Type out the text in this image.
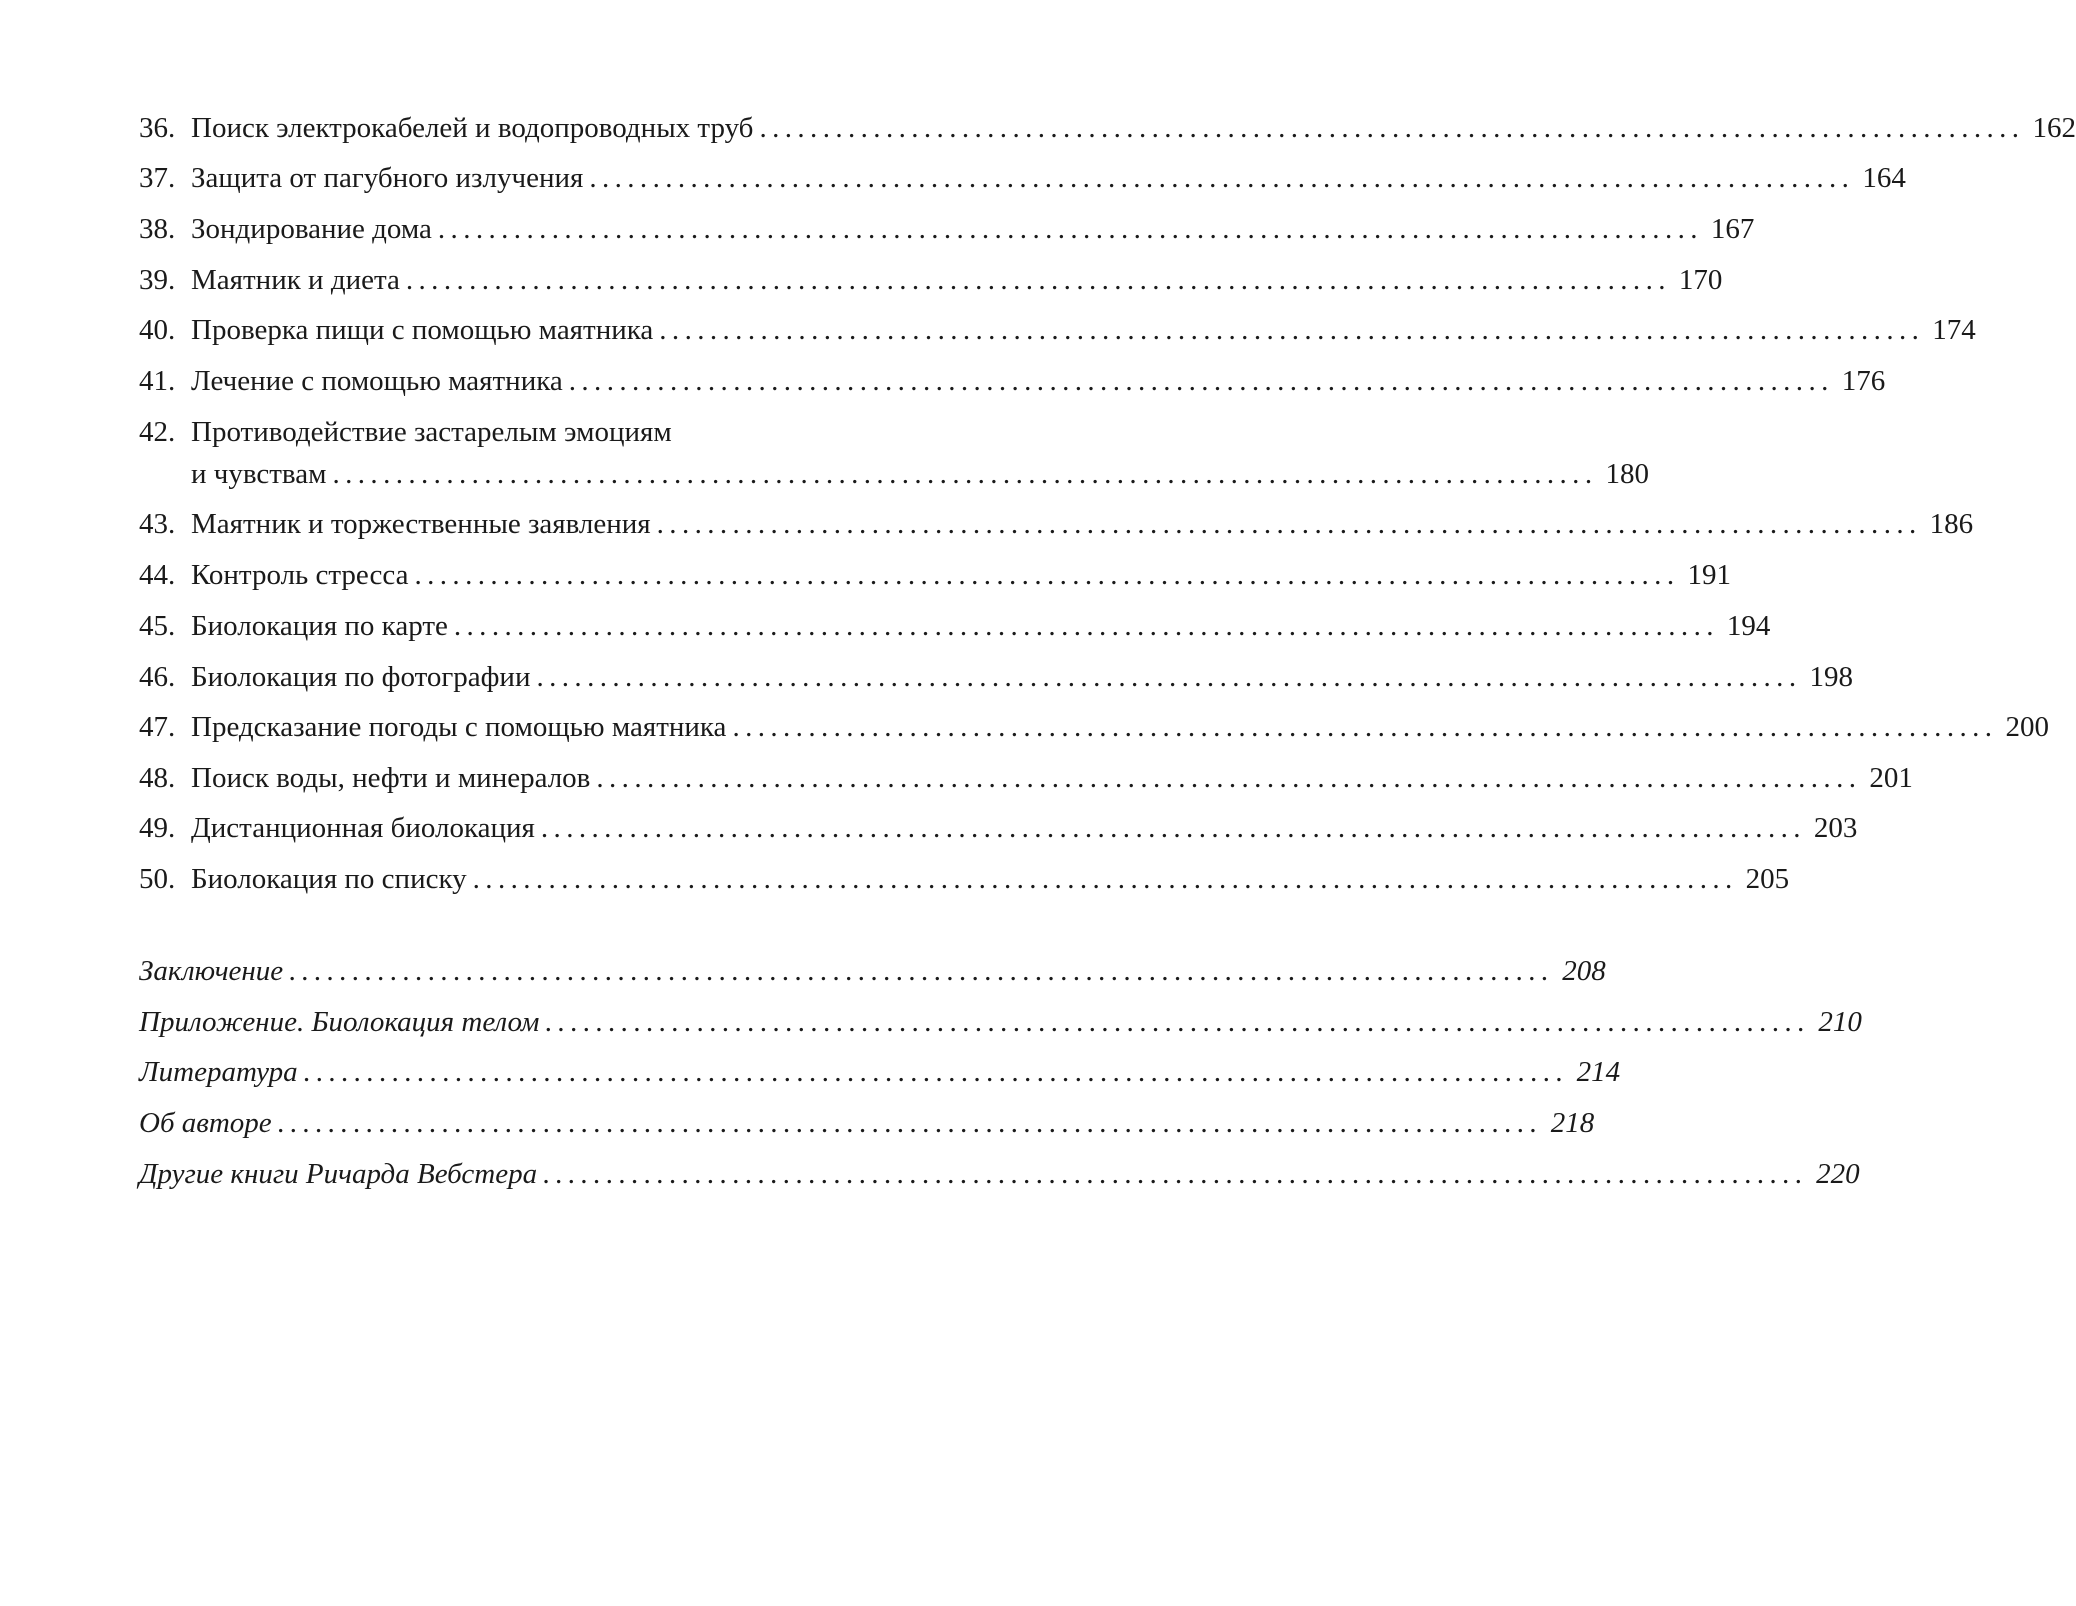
36. Поиск электрокабелей и водопроводных труб .................................................................................................... 162
37. Защита от пагубного излучения .................................................................................................... 164
38. Зондирование дома .................................................................................................... 167
39. Маятник и диета .................................................................................................... 170
40. Проверка пищи с помощью маятника .................................................................................................... 174
41. Лечение с помощью маятника .................................................................................................... 176
42. Противодействие застарелым эмоциям
и чувствам .................................................................................................... 180
43. Маятник и торжественные заявления .................................................................................................... 186
44. Контроль стресса .................................................................................................... 191
45. Биолокация по карте .................................................................................................... 194
46. Биолокация по фотографии .................................................................................................... 198
47. Предсказание погоды с помощью маятника .................................................................................................... 200
48. Поиск воды, нефти и минералов .................................................................................................... 201
49. Дистанционная биолокация .................................................................................................... 203
50. Биолокация по списку .................................................................................................... 205
Заключение .................................................................................................... 208
Приложение. Биолокация телом .................................................................................................... 210
Литература .................................................................................................... 214
Об авторе .................................................................................................... 218
Другие книги Ричарда Вебстера .................................................................................................... 220
